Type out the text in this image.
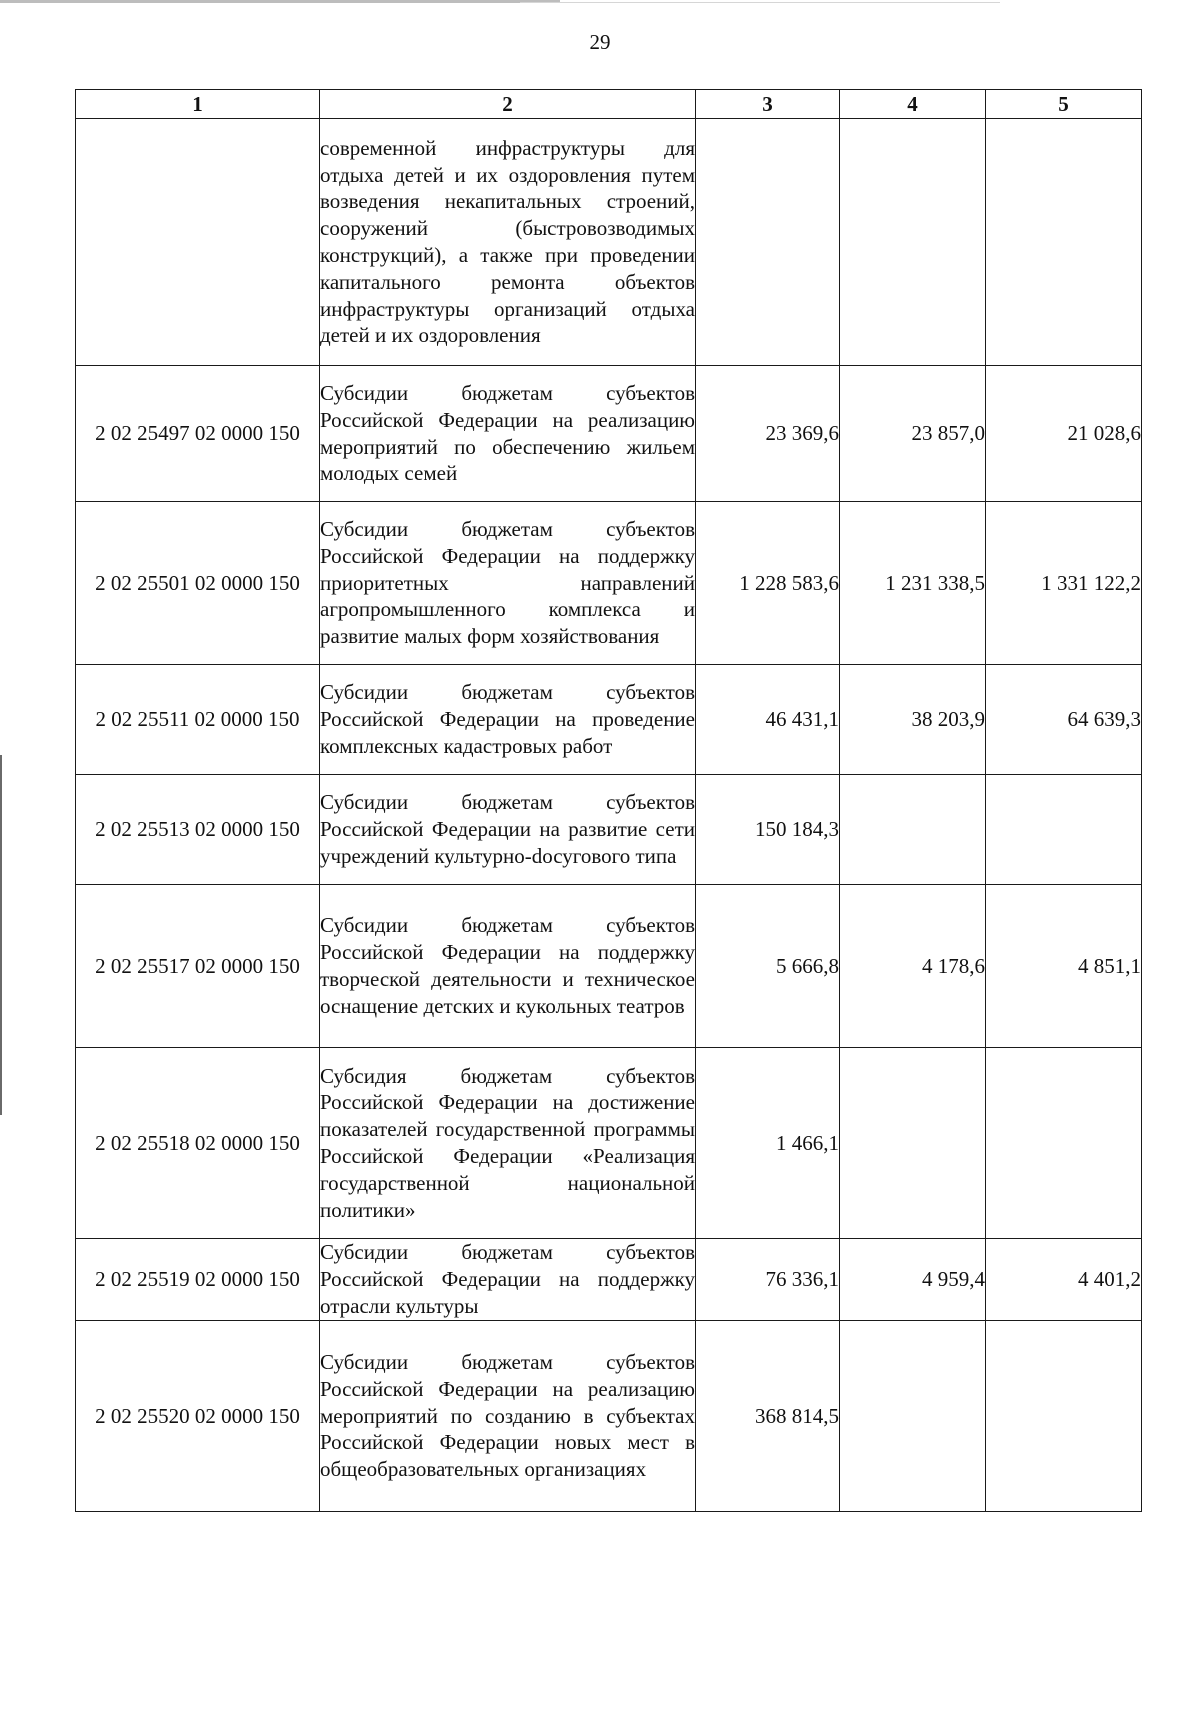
29
1	2	3	4	5
	современной инфраструктуры для отдыха детей и их оздоровления путем возведения некапитальных строений, сооружений (быстровозводимых конструкций), а также при проведении капитального ремонта объектов инфраструктуры организаций отдыха детей и их оздоровления			
2 02 25497 02 0000 150	Субсидии бюджетам субъектов Российской Федерации на реализацию мероприятий по обеспечению жильем молодых семей	23 369,6	23 857,0	21 028,6
2 02 25501 02 0000 150	Субсидии бюджетам субъектов Российской Федерации на поддержку приоритетных направлений агропромышленного комплекса и развитие малых форм хозяйствования	1 228 583,6	1 231 338,5	1 331 122,2
2 02 25511 02 0000 150	Субсидии бюджетам субъектов Российской Федерации на проведение комплексных кадастровых работ	46 431,1	38 203,9	64 639,3
2 02 25513 02 0000 150	Субсидии бюджетам субъектов Российской Федерации на развитие сети учреждений культурно-dосугового типа	150 184,3		
2 02 25517 02 0000 150	Субсидии бюджетам субъектов Российской Федерации на поддержку творческой деятельности и техническое оснащение детских и кукольных театров	5 666,8	4 178,6	4 851,1
2 02 25518 02 0000 150	Субсидия бюджетам субъектов Российской Федерации на достижение показателей государственной программы Российской Федерации «Реализация государственной национальной политики»	1 466,1		
2 02 25519 02 0000 150	Субсидии бюджетам субъектов Российской Федерации на поддержку отрасли культуры	76 336,1	4 959,4	4 401,2
2 02 25520 02 0000 150	Субсидии бюджетам субъектов Российской Федерации на реализацию мероприятий по созданию в субъектах Российской Федерации новых мест в общеобразовательных организациях	368 814,5		
